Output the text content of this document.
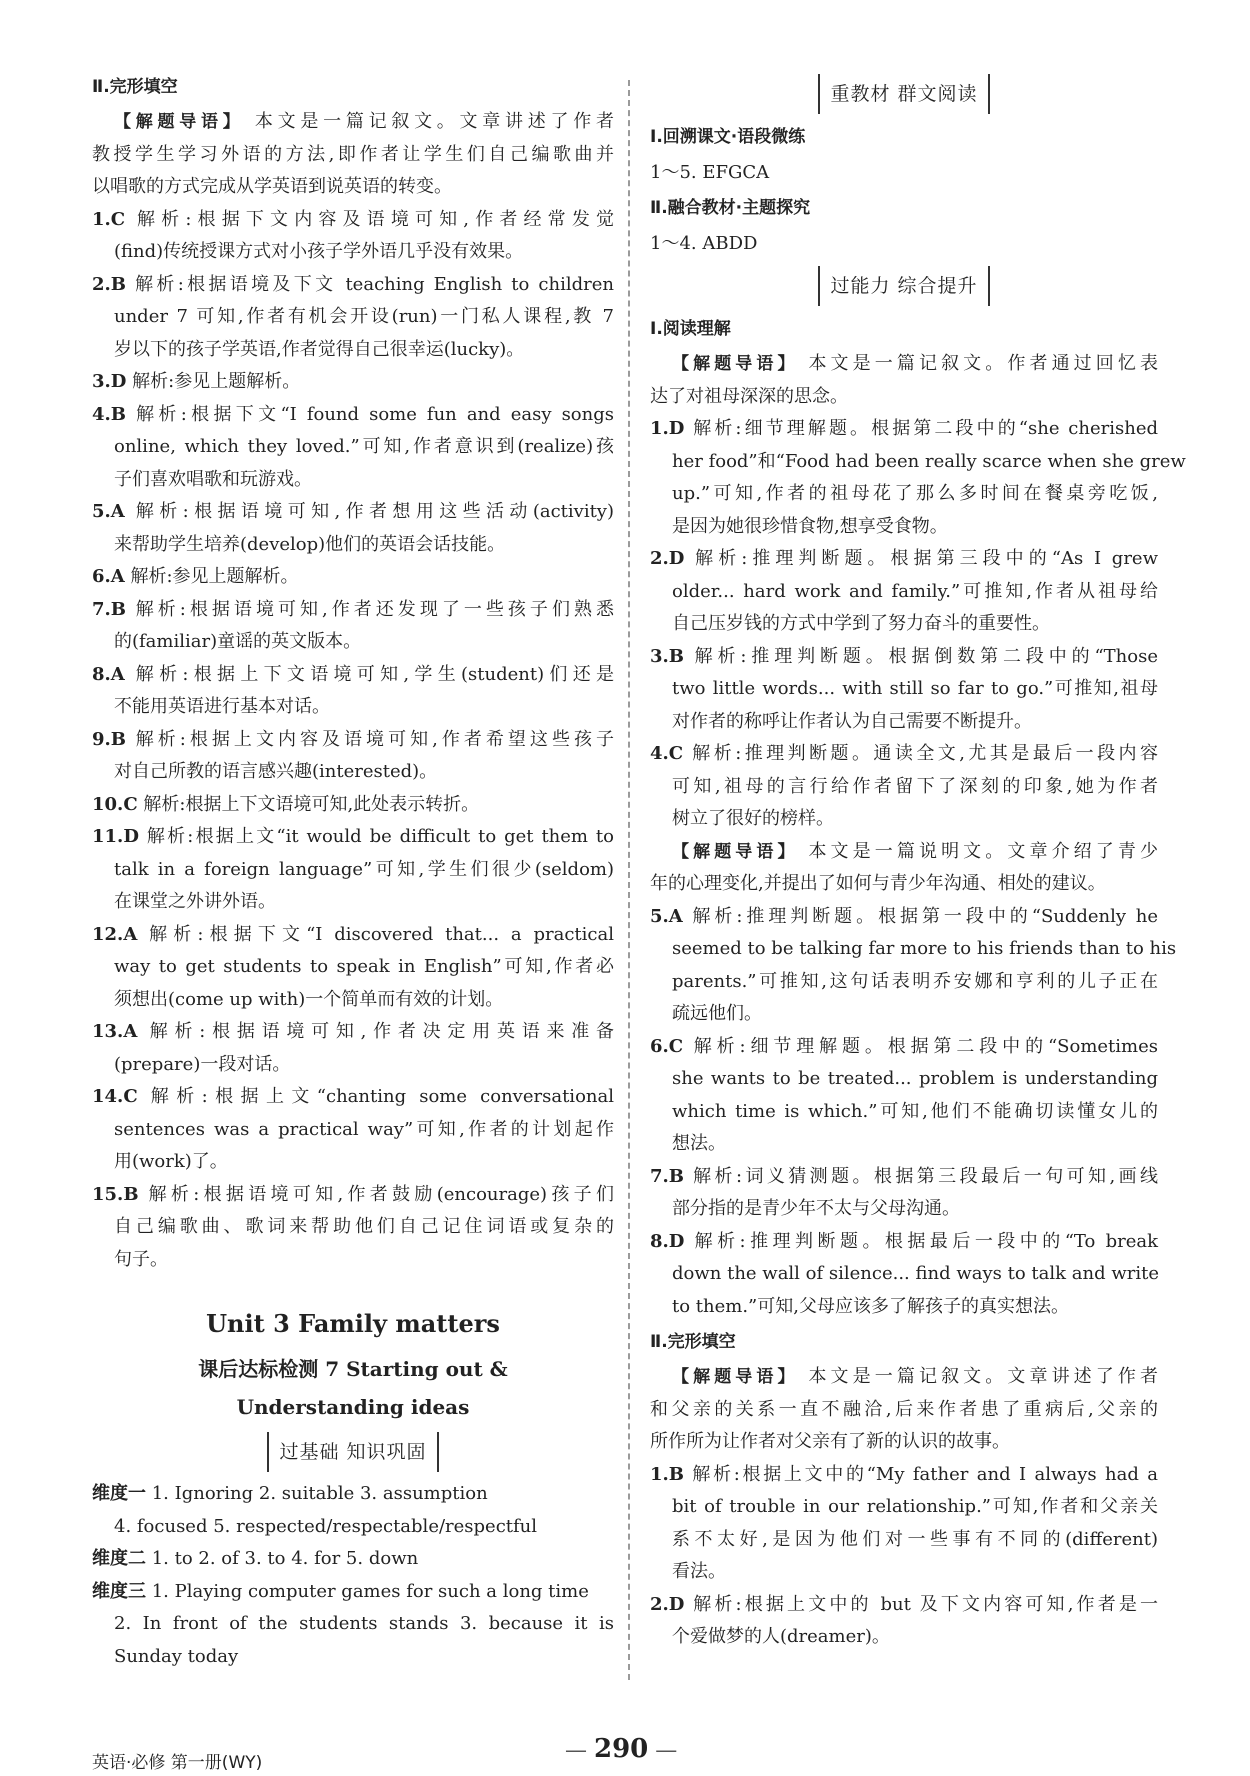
Ⅱ.完形填空
【解题导语】 本文是一篇记叙文。文章讲述了作者
教授学生学习外语的方法,即作者让学生们自己编歌曲并
以唱歌的方式完成从学英语到说英语的转变。
1.C 解析:根据下文内容及语境可知,作者经常发觉
(find)传统授课方式对小孩子学外语几乎没有效果。
2.B 解析:根据语境及下文 teaching English to children
under 7 可知,作者有机会开设(run)一门私人课程,教 7
岁以下的孩子学英语,作者觉得自己很幸运(lucky)。
3.D 解析:参见上题解析。
4.B 解析:根据下文“I found some fun and easy songs
online, which they loved.”可知,作者意识到(realize)孩
子们喜欢唱歌和玩游戏。
5.A 解析:根据语境可知,作者想用这些活动(activity)
来帮助学生培养(develop)他们的英语会话技能。
6.A 解析:参见上题解析。
7.B 解析:根据语境可知,作者还发现了一些孩子们熟悉
的(familiar)童谣的英文版本。
8.A 解析:根据上下文语境可知,学生(student)们还是
不能用英语进行基本对话。
9.B 解析:根据上文内容及语境可知,作者希望这些孩子
对自己所教的语言感兴趣(interested)。
10.C 解析:根据上下文语境可知,此处表示转折。
11.D 解析:根据上文“it would be difficult to get them to
talk in a foreign language”可知,学生们很少(seldom)
在课堂之外讲外语。
12.A 解析:根据下文“I discovered that... a practical
way to get students to speak in English”可知,作者必
须想出(come up with)一个简单而有效的计划。
13.A 解析:根据语境可知,作者决定用英语来准备
(prepare)一段对话。
14.C 解析:根据上文“chanting some conversational
sentences was a practical way”可知,作者的计划起作
用(work)了。
15.B 解析:根据语境可知,作者鼓励(encourage)孩子们
自己编歌曲、歌词来帮助他们自己记住词语或复杂的
句子。
Unit 3 Family matters
课后达标检测 7 Starting out &
Understanding ideas
过基础 知识巩固
维度一 1. Ignoring 2. suitable 3. assumption
4. focused 5. respected/respectable/respectful
维度二 1. to 2. of 3. to 4. for 5. down
维度三 1. Playing computer games for such a long time
2. In front of the students stands 3. because it is
Sunday today
重教材 群文阅读
Ⅰ.回溯课文·语段微练
1～5. EFGCA
Ⅱ.融合教材·主题探究
1～4. ABDD
过能力 综合提升
Ⅰ.阅读理解
【解题导语】 本文是一篇记叙文。作者通过回忆表
达了对祖母深深的思念。
1.D 解析:细节理解题。根据第二段中的“she cherished
her food”和“Food had been really scarce when she grew
up.”可知,作者的祖母花了那么多时间在餐桌旁吃饭,
是因为她很珍惜食物,想享受食物。
2.D 解析:推理判断题。根据第三段中的“As I grew
older... hard work and family.”可推知,作者从祖母给
自己压岁钱的方式中学到了努力奋斗的重要性。
3.B 解析:推理判断题。根据倒数第二段中的“Those
two little words... with still so far to go.”可推知,祖母
对作者的称呼让作者认为自己需要不断提升。
4.C 解析:推理判断题。通读全文,尤其是最后一段内容
可知,祖母的言行给作者留下了深刻的印象,她为作者
树立了很好的榜样。
【解题导语】 本文是一篇说明文。文章介绍了青少
年的心理变化,并提出了如何与青少年沟通、相处的建议。
5.A 解析:推理判断题。根据第一段中的“Suddenly he
seemed to be talking far more to his friends than to his
parents.”可推知,这句话表明乔安娜和亨利的儿子正在
疏远他们。
6.C 解析:细节理解题。根据第二段中的“Sometimes
she wants to be treated... problem is understanding
which time is which.”可知,他们不能确切读懂女儿的
想法。
7.B 解析:词义猜测题。根据第三段最后一句可知,画线
部分指的是青少年不太与父母沟通。
8.D 解析:推理判断题。根据最后一段中的“To break
down the wall of silence... find ways to talk and write
to them.”可知,父母应该多了解孩子的真实想法。
Ⅱ.完形填空
【解题导语】 本文是一篇记叙文。文章讲述了作者
和父亲的关系一直不融洽,后来作者患了重病后,父亲的
所作所为让作者对父亲有了新的认识的故事。
1.B 解析:根据上文中的“My father and I always had a
bit of trouble in our relationship.”可知,作者和父亲关
系不太好,是因为他们对一些事有不同的(different)
看法。
2.D 解析:根据上文中的 but 及下文内容可知,作者是一
个爱做梦的人(dreamer)。
英语·必修 第一册(WY)	— 290 —
